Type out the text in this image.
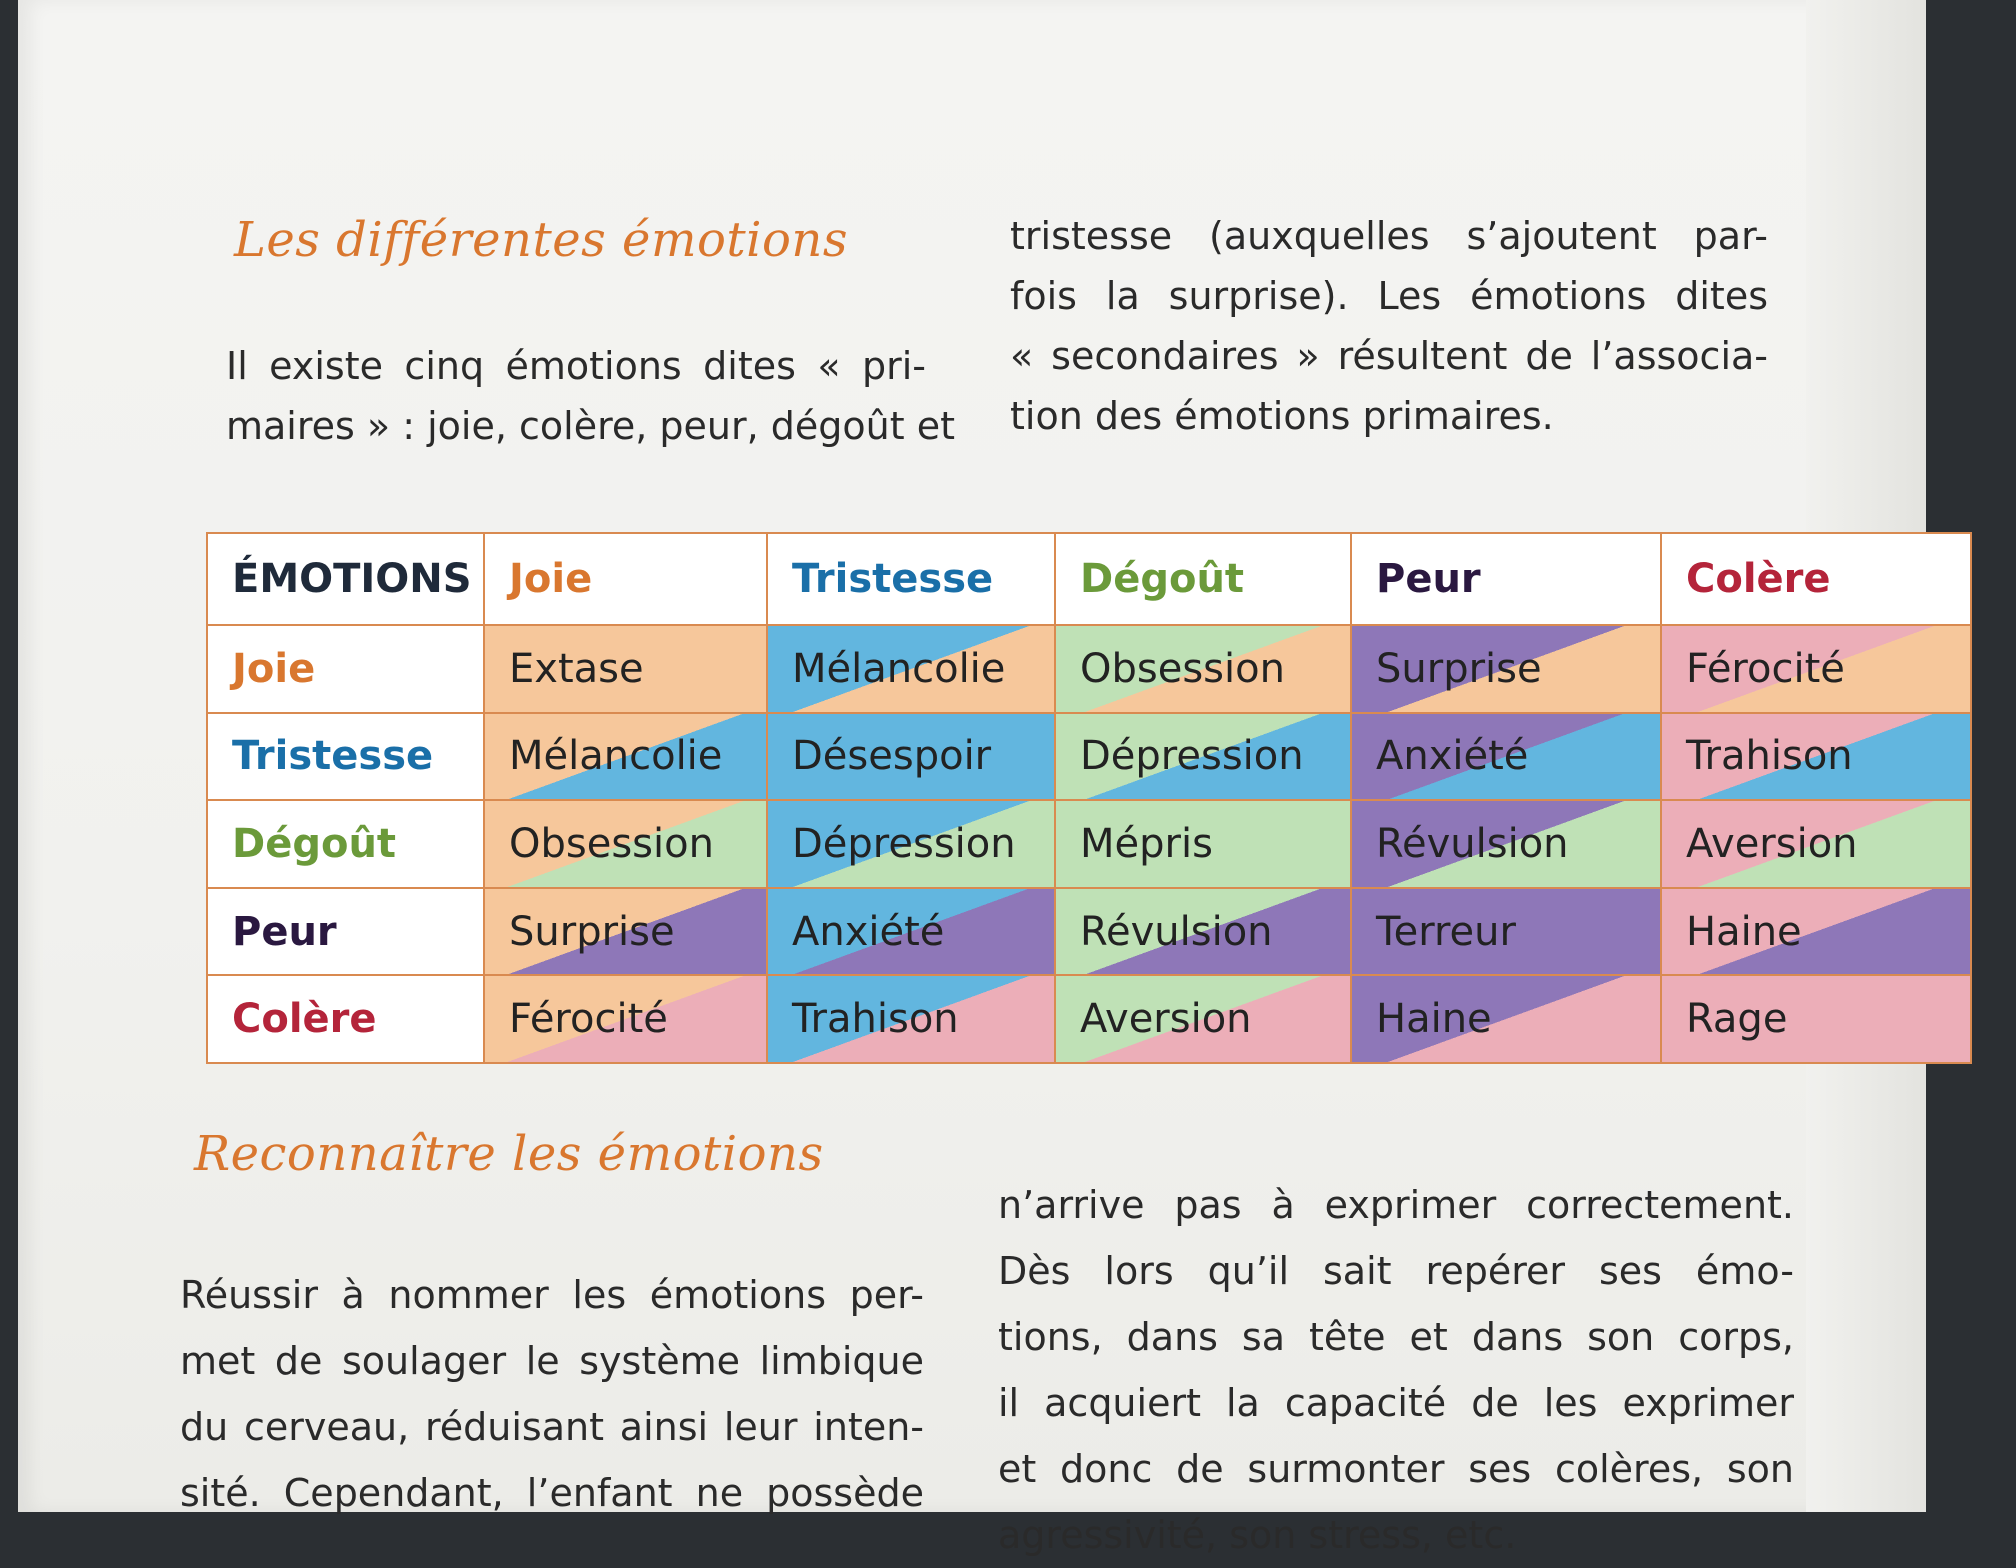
Les différentes émotions
Il existe cinq émotions dites « pri-
maires » : joie, colère, peur, dégoût et
tristesse (auxquelles s’ajoutent par-
fois la surprise). Les émotions dites
« secondaires » résultent de l’associa-
tion des émotions primaires.
ÉMOTIONS	Joie	Tristesse	Dégoût	Peur	Colère
Joie	Extase	Mélancolie	Obsession	Surprise	Férocité
Tristesse	Mélancolie	Désespoir	Dépression	Anxiété	Trahison
Dégoût	Obsession	Dépression	Mépris	Révulsion	Aversion
Peur	Surprise	Anxiété	Révulsion	Terreur	Haine
Colère	Férocité	Trahison	Aversion	Haine	Rage
Reconnaître les émotions
Réussir à nommer les émotions per-
met de soulager le système limbique
du cerveau, réduisant ainsi leur inten-
sité. Cependant, l’enfant ne possède
n’arrive pas à exprimer correctement.
Dès lors qu’il sait repérer ses émo-
tions, dans sa tête et dans son corps,
il acquiert la capacité de les exprimer
et donc de surmonter ses colères, son
agressivité, son stress, etc.
